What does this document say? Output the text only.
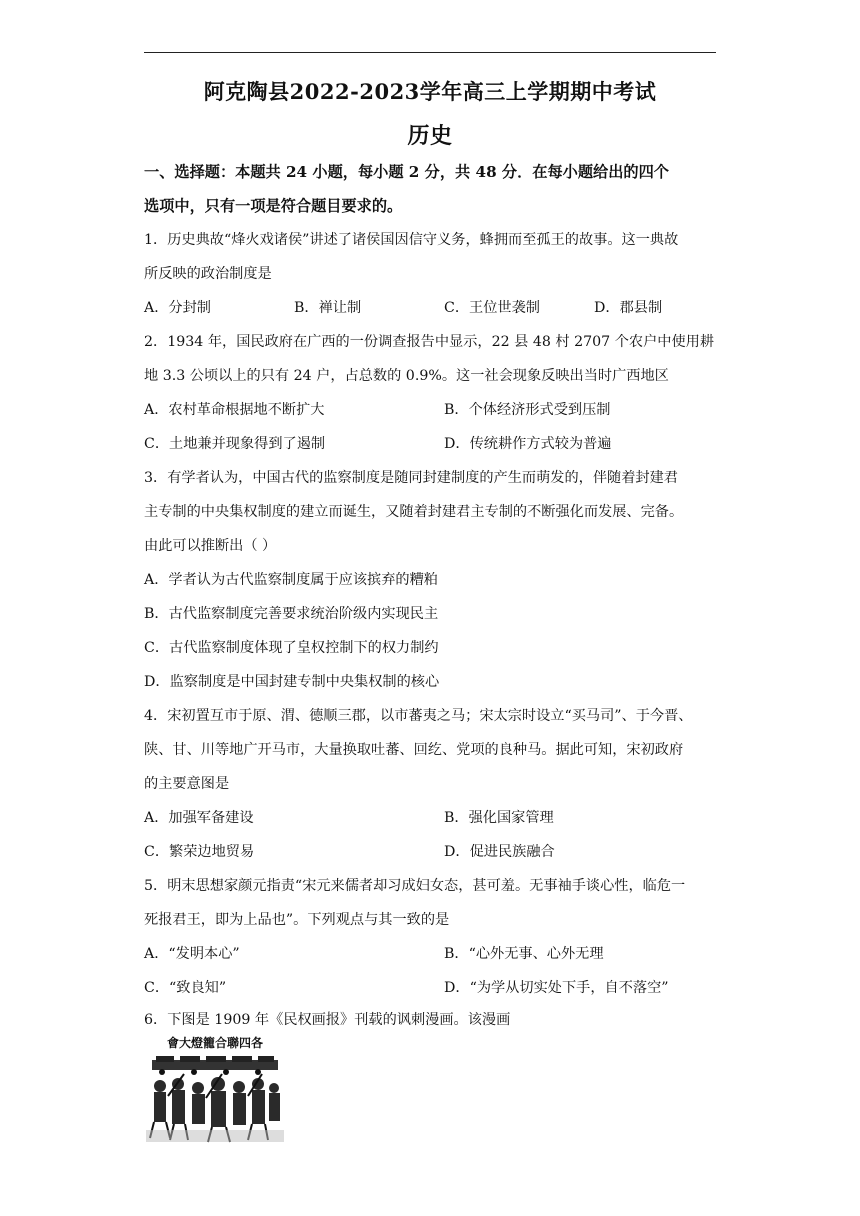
阿克陶县2022-2023学年高三上学期期中考试
历史
一、选择题：本题共 24 小题，每小题 2 分，共 48 分．在每小题给出的四个
选项中，只有一项是符合题目要求的。
1．历史典故“烽火戏诸侯”讲述了诸侯国因信守义务，蜂拥而至孤王的故事。这一典故
所反映的政治制度是
A．分封制	B．禅让制	C．王位世袭制	D．郡县制
2．1934 年，国民政府在广西的一份调查报告中显示，22 县 48 村 2707 个农户中使用耕
地 3.3 公顷以上的只有 24 户，占总数的 0.9%。这一社会现象反映出当时广西地区
A．农村革命根据地不断扩大	B．个体经济形式受到压制
C．土地兼并现象得到了遏制	D．传统耕作方式较为普遍
3．有学者认为，中国古代的监察制度是随同封建制度的产生而萌发的，伴随着封建君
主专制的中央集权制度的建立而诞生，又随着封建君主专制的不断强化而发展、完备。
由此可以推断出（ ）
A．学者认为古代监察制度属于应该摈弃的糟粕
B．古代监察制度完善要求统治阶级内实现民主
C．古代监察制度体现了皇权控制下的权力制约
D．监察制度是中国封建专制中央集权制的核心
4．宋初置互市于原、渭、德顺三郡，以市蕃夷之马；宋太宗时设立“买马司”、于今晋、
陕、甘、川等地广开马市，大量换取吐蕃、回纥、党项的良种马。据此可知，宋初政府
的主要意图是
A．加强军备建设	B．强化国家管理
C．繁荣边地贸易	D．促进民族融合
5．明末思想家颜元指责“宋元来儒者却习成妇女态，甚可羞。无事袖手谈心性，临危一
死报君王，即为上品也”。下列观点与其一致的是
A．“发明本心”	B．“心外无事、心外无理
C．“致良知”	D．“为学从切实处下手，自不落空”
6．下图是 1909 年《民权画报》刊载的讽刺漫画。该漫画
會大燈籠合聯四各
